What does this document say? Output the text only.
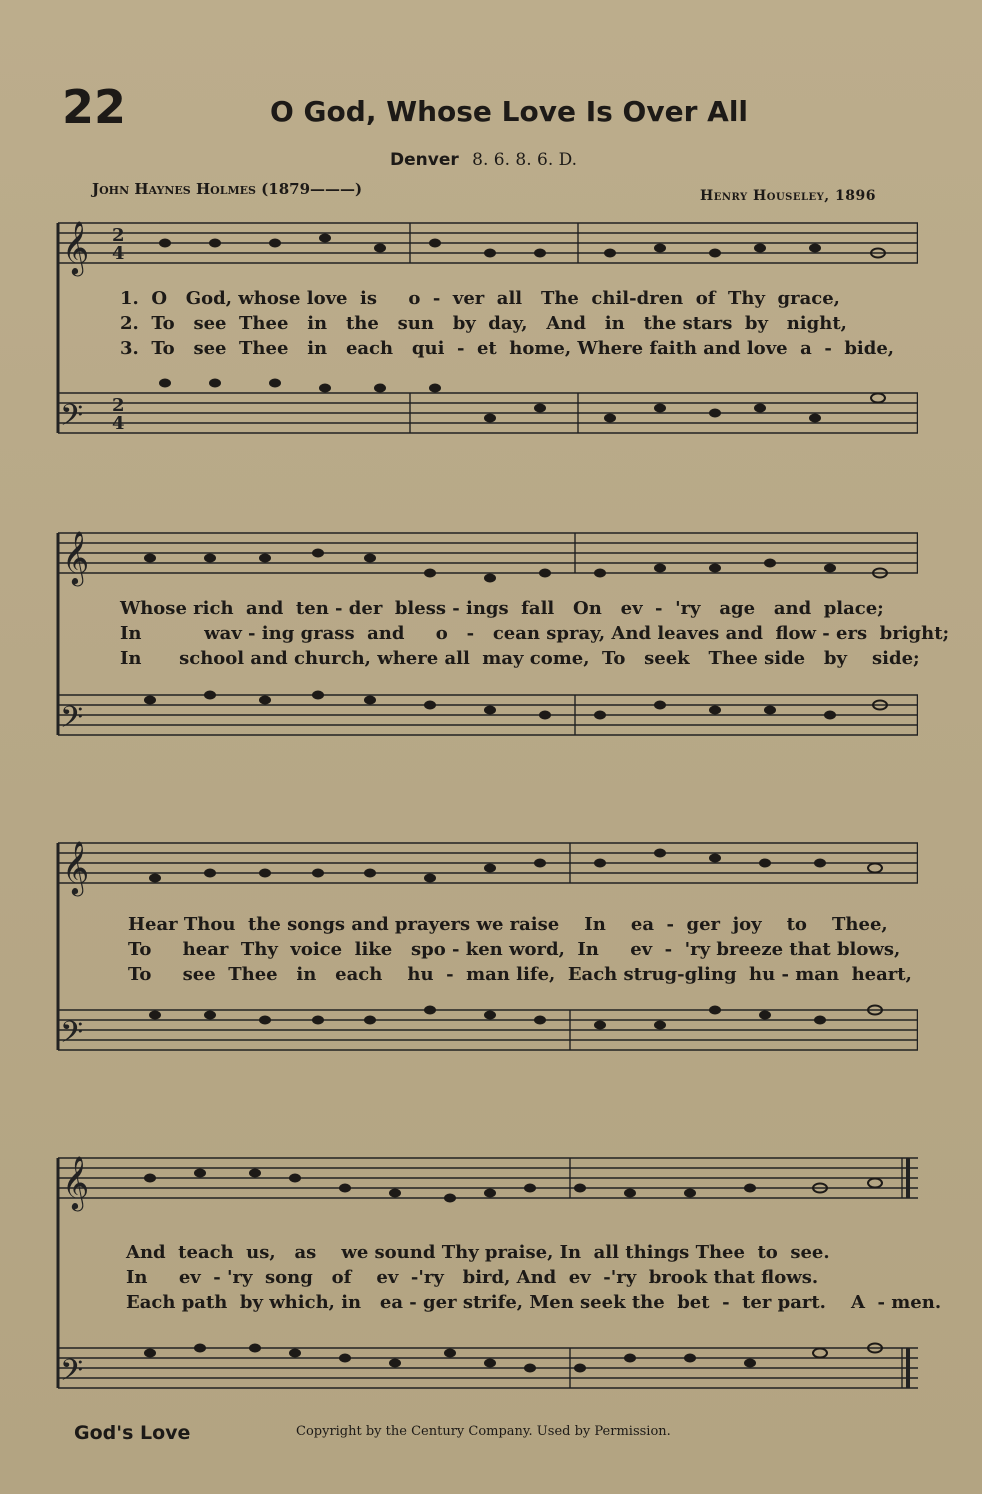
22	O God, Whose Love Is Over All
Denver 8. 6. 8. 6. D.
John Haynes Holmes (1879———)	Henry Houseley, 1896
𝄞
𝄢
2
4
2
4
1.  O   God, whose love  is     o  -  ver  all   The  chil-dren  of  Thy  grace,
2.  To   see  Thee   in   the   sun   by  day,   And   in   the stars  by   night,
3.  To   see  Thee   in   each   qui  -  et  home, Where faith and love  a  -  bide,
𝄞
𝄢
Whose rich  and  ten - der  bless - ings  fall   On   ev  -  'ry   age   and  place;
In          wav - ing grass  and     o   -   cean spray, And leaves and  flow - ers  bright;
In      school and church, where all  may come,  To   seek   Thee side   by    side;
𝄞
𝄢
Hear Thou  the songs and prayers we raise    In    ea  -  ger  joy    to    Thee,
To     hear  Thy  voice  like   spo - ken word,  In     ev  -  'ry breeze that blows,
To     see  Thee   in   each    hu  -  man life,  Each strug-gling  hu - man  heart,
𝄞
𝄢
And  teach  us,   as    we sound Thy praise, In  all things Thee  to  see.
In     ev  - 'ry  song   of    ev  -'ry   bird, And  ev  -'ry  brook that flows.
Each path  by which, in   ea - ger strife, Men seek the  bet  -  ter part.    A  - men.
God's Love	Copyright by the Century Company. Used by Permission.
